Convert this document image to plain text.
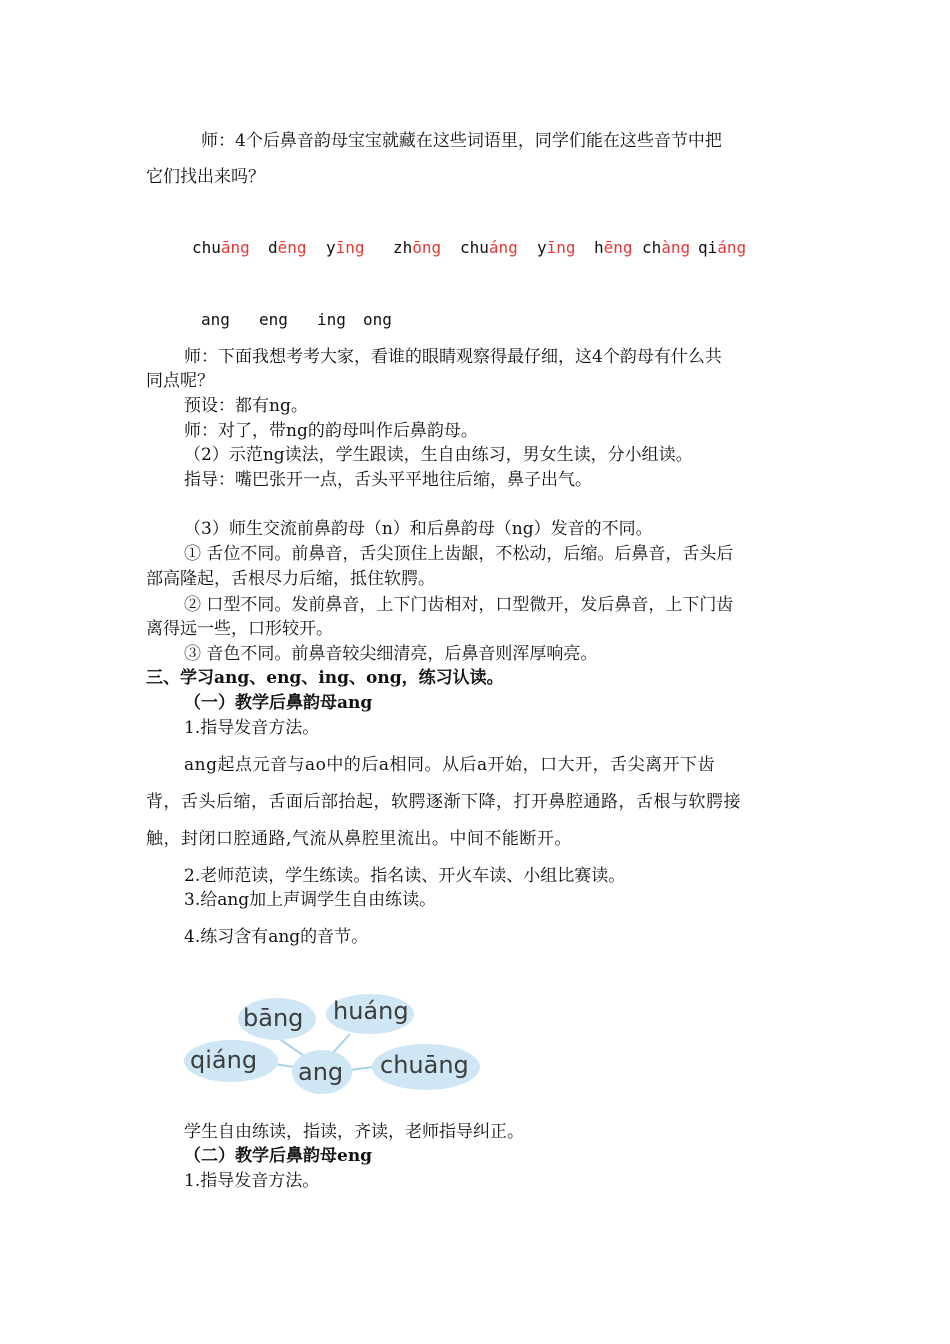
师：4个后鼻音韵母宝宝就藏在这些词语里，同学们能在这些音节中把
它们找出来吗？
chuāng dēng yīng zhōng chuáng yīng hēng chàng qiáng
ang eng ing ong
师：下面我想考考大家，看谁的眼睛观察得最仔细，这4个韵母有什么共
同点呢？
预设：都有ng。
师：对了，带ng的韵母叫作后鼻韵母。
（2）示范ng读法，学生跟读，生自由练习，男女生读，分小组读。
指导：嘴巴张开一点，舌头平平地往后缩，鼻子出气。
（3）师生交流前鼻韵母（n）和后鼻韵母（ng）发音的不同。
① 舌位不同。前鼻音，舌尖顶住上齿龈，不松动，后缩。后鼻音，舌头后
部高隆起，舌根尽力后缩，抵住软腭。
② 口型不同。发前鼻音，上下门齿相对，口型微开，发后鼻音，上下门齿
离得远一些，口形较开。
③ 音色不同。前鼻音较尖细清亮，后鼻音则浑厚响亮。
三、学习ang、eng、ing、ong，练习认读。
（一）教学后鼻韵母ang
1.指导发音方法。
ang起点元音与ao中的后a相同。从后a开始，口大开，舌尖离开下齿
背，舌头后缩，舌面后部抬起，软腭逐渐下降，打开鼻腔通路，舌根与软腭接
触，封闭口腔通路,气流从鼻腔里流出。中间不能断开。
2.老师范读，学生练读。指名读、开火车读、小组比赛读。
3.给ang加上声调学生自由练读。
4.练习含有ang的音节。
bāng huáng
qiáng ang chuāng
学生自由练读，指读，齐读，老师指导纠正。
（二）教学后鼻韵母eng
1.指导发音方法。
